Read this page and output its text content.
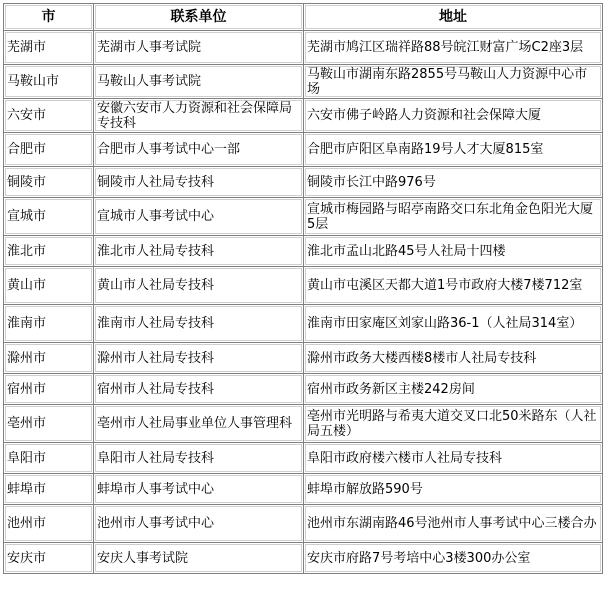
市	联系单位	地址

芜湖市	芜湖市人事考试院	芜湖市鸠江区瑞祥路88号皖江财富广场C2座3层

马鞍山市	马鞍山人事考试院	马鞍山市湖南东路2855号马鞍山人力资源中心市场

六安市	安徽六安市人力资源和社会保障局专技科	六安市佛子岭路人力资源和社会保障大厦

合肥市	合肥市人事考试中心一部	合肥市庐阳区阜南路19号人才大厦815室

铜陵市	铜陵市人社局专技科	铜陵市长江中路976号

宣城市	宣城市人事考试中心	宣城市梅园路与昭亭南路交口东北角金色阳光大厦5层

淮北市	淮北市人社局专技科	淮北市孟山北路45号人社局十四楼

黄山市	黄山市人社局专技科	黄山市屯溪区天都大道1号市政府大楼7楼712室

淮南市	淮南市人社局专技科	淮南市田家庵区刘家山路36-1（人社局314室）

滁州市	滁州市人社局专技科	滁州市政务大楼西楼8楼市人社局专技科

宿州市	宿州市人社局专技科	宿州市政务新区主楼242房间

亳州市	亳州市人社局事业单位人事管理科	亳州市光明路与希夷大道交叉口北50米路东（人社局五楼）

阜阳市	阜阳市人社局专技科	阜阳市政府楼六楼市人社局专技科

蚌埠市	蚌埠市人事考试中心	蚌埠市解放路590号

池州市	池州市人事考试中心	池州市东湖南路46号池州市人事考试中心三楼合办

安庆市	安庆人事考试院	安庆市府路7号考培中心3楼300办公室
